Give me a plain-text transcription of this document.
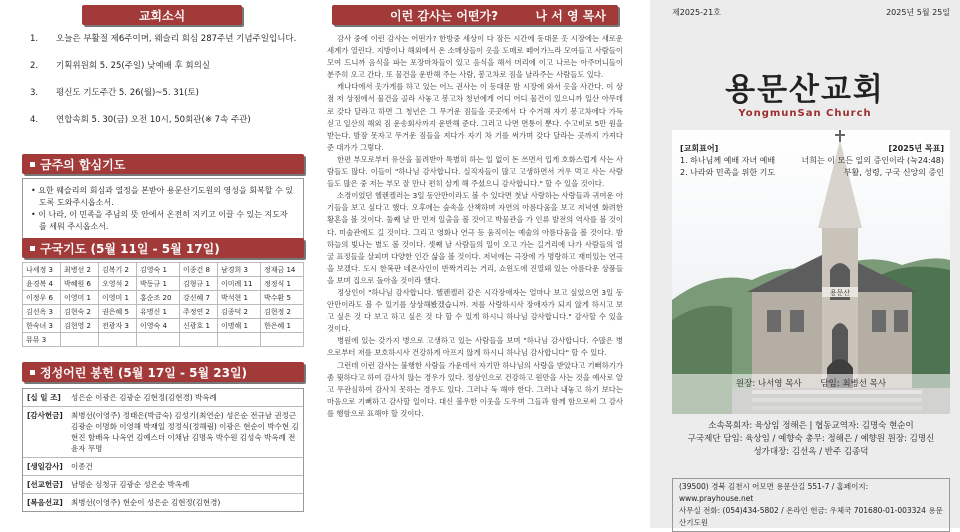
교회소식
1.	오늘은 부활절 제6주이며, 웨슬리 회심 287주년 기념주일입니다.
2.	기획위원회 5. 25(주일) 낮예배 후 회의실
3.	평신도 기도주간 5. 26(월)~5. 31(토)
4.	연합속회 5. 30(금) 오전 10시, 50회관(※ 7속 주관)
금주의 합심기도
• 요한 웨슬리의 회심과 열정을 본받아 용문산기도원의 영성을 회복할 수 있도록 도와주시옵소서.
• 이 나라, 이 민족을 주님의 뜻 안에서 온전히 지키고 이끌 수 있는 지도자를 세워 주시옵소서.
구국기도 (5월 11일 - 5월 17일)
나세정 3	최병선 2	김복기 2	김영숙 1	이종건 8	남경희 3	정재금 14
윤경복 4	박혜원 6	오영석 2	박동규 1	김형규 1	이미례 11	정정식 1
이정우 6	이영미 1	이영미 1	홍순조 20	강신혜 7	박석현 1	박수환 5
김선옥 3	김현숙 2	권은혜 5	유명신 1	주정연 2	김종덕 2	김현정 2
한숙녀 3	김현영 2	전광자 3	이영숙 4	신광호 1	이명해 1	한은혜 1
뮤뮤 3						
정성어린 봉헌 (5월 17일 - 5월 23일)
[십 일 조]	성은순 이광은 김광순 김현정(김현경) 박옥례
[감사헌금]	최병선(이영주) 정태은(박금숙) 김성기(최연순) 성은순 전규남 권정근 김광순 이명화 이영해 박재일 정정식(정해림) 이광은 현순이 박수현 김현진 함배옥 나옥연 김예스더 이채남 김명옥 박수원 김성숙 박옥례 전윤자 무명
[생일감사]	이종건
[선교헌금]	남명순 심청규 김광순 성은순 박옥례
[복음선교]	최병선(이영주) 현순이 성은순 김현정(김현경)
이런 감사는 어떤가?	나 서 영 목사

감사 중에 이런 감사는 어떤가? 한방중 세상이 다 잠든 시간에 동대문 옷 시장에는 새로운 세계가 열린다. 지방이나 해외에서 온 소매상들이 옷을 도매로 떼어가느라 모여들고 사람들이 모여 드니까 음식을 파는 포장마차들이 있고 음식을 해서 머리에 이고 나르는 아주머니들이 분주히 오고 간다. 또 물건을 운반해 주는 사람, 봉고차로 짐을 날라주는 사람들도 있다.

캐나다에서 옷가게를 하고 있는 어느 권사는 이 동대문 밤 시장에 와서 옷을 사간다. 이 상점 저 상점에서 물건을 골라 사놓고 봉고차 청년에게 어디 어디 물건이 있으니까 일산 아무데로 갖다 달라고 하면 그 청년은 그 무거운 짐들을 곳곳에서 다 수거해 자기 봉고차에다 가득 싣고 일산의 해외 짐 운송회사까지 운반해 준다. 그러고 나면 면통이 뿐다. 수고비로 5만 원을 받는다. 밤잠 못자고 무거운 짐들을 져다가 자기 차 기를 써가며 갖다 달라는 곳까지 가져다 준 대가가 그렇다.

한편 부모로부터 유산을 물려받아 특별히 하는 일 없이 돈 쓰면서 입게 호화스럽게 사는 사람들도 많다. 이들이 "하나님 감사합니다. 실직자들이 많고 고생하면서 겨우 먹고 사는 사람들도 많은 중 저는 부모 잘 만나 편히 살게 해 주셨으니 감사합니다." 할 수 있을 것이다.

소경이었던 헬렌켈러는 3일 동안만이라도 볼 수 있다면 첫날 사랑하는 사랑들과 귀여운 아기들을 보고 싶다고 했다. 오후에는 숲속을 산책하며 자연의 아름다움을 보고 저녁엔 화려한 황혼을 볼 것이다. 둘째 날 만 먼저 일출을 볼 것이고 박물관을 가 인류 발전의 역사를 볼 것이다. 미술관에도 길 것이다. 그리고 영화나 연극 등 움직이는 예술의 아름다움을 볼 것이다. 밤 하늘의 빛나는 별도 볼 것이다. 셋째 날 사람들의 일이 오고 가는 길거리에 나가 사람들의 얼굴 표정들을 살피며 다양한 인간 삶을 볼 것이다. 저녁에는 극장에 가 명랑하고 재미있는 연극을 보겠다. 도시 한복판 네온사인이 반짝거리는 거리, 쇼윈도에 진열돼 있는 아름다운 상품들을 보며 집으로 돌아올 것이라 했다.

정상인이 "하나님 감사합니다. 헬렌켈러 같은 시각장애자는 얼마나 보고 싶었으면 3일 동안만이라도 볼 수 있기를 상상해봤겠습니까. 저를 사랑하시사 장애자가 되지 않게 하시고 보고 싶은 것 다 보고 하고 싶은 것 다 할 수 있게 하시니 하나님 감사합니다." 감사할 수 있을 것이다.

병원에 있는 갖가지 병으로 고생하고 있는 사람들을 보며 "하나님 감사합니다. 수많은 병으로부터 저를 보호하시사 건강하게 아프지 않게 하시니 하나님 감사합니다" 할 수 있다.

그런데 이런 감사는 불행한 사람들 가운데서 자기만 하나님의 사랑을 받았다고 기뻐하기가 좀 뭣하다고 하여 감사치 않는 경우가 있다. 정상인으로 건강하고 원만을 사는 것을 예사로 알고 무관심하여 감사치 못하는 경우도 있다. 그러나 둑 해야 한다. 그러나 내놓고 하기 보다는 마음으로 기뻐하고 감사할 일이다. 대신 불우한 이웃을 도우며 그들과 함께 함으로써 그 감사를 행함으로 표해야 할 것이다.

제2025-21호	2025년 5월 25일
용문산교회
YongmunSan Church
용문산
[교회표어]
1. 하나님께 예배 자녀 예배
2. 나라와 민족을 위한 기도
[2025년 목표]
너희는 이 모든 일의 증인이라 (눅24:48)
부활, 성령, 구국 신앙의 증인
원장: 나서영 목사 담임: 최병선 목사
소속목회자: 육상임 정해은 | 협동교역자: 김명숙 현순이
구국제단 담임: 육상임 / 예향숙 총무: 정해은 / 예향원 원장: 김명신
성가대장: 김선옥 / 반주 김종덕
(39500) 경북 김천시 어모면 용문산길 551-7 / 홈페이지: www.prayhouse.net
사무실 전화: (054)434-5802 / 온라인 헌금: 우체국 701680-01-003324 용문산기도원
